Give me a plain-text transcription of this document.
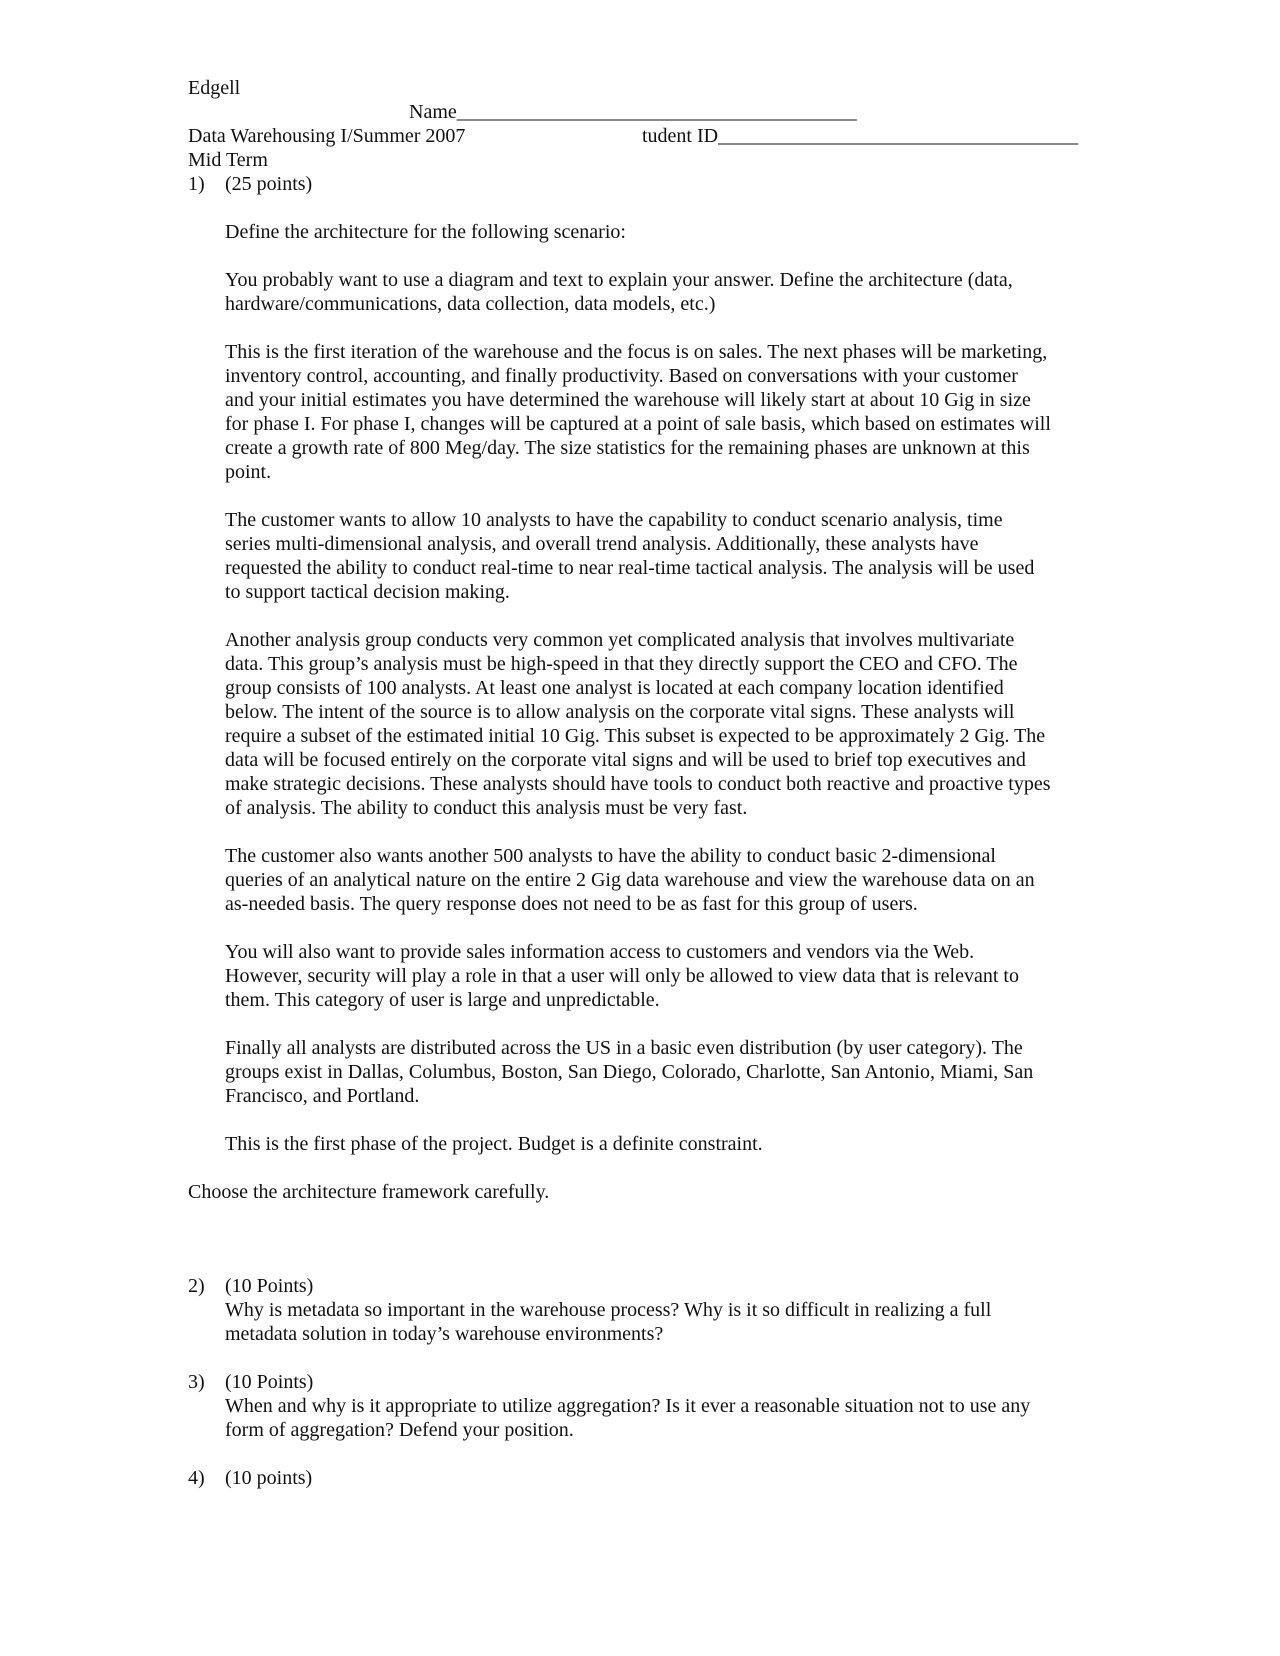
Edgell
Name________________________________________
Data Warehousing I/Summer 2007	tudent ID____________________________________
Mid Term
1)	(25 points)
Define the architecture for the following scenario:
You probably want to use a diagram and text to explain your answer. Define the architecture (data,
hardware/communications, data collection, data models, etc.)
This is the first iteration of the warehouse and the focus is on sales. The next phases will be marketing,
inventory control, accounting, and finally productivity. Based on conversations with your customer
and your initial estimates you have determined the warehouse will likely start at about 10 Gig in size
for phase I. For phase I, changes will be captured at a point of sale basis, which based on estimates will
create a growth rate of 800 Meg/day. The size statistics for the remaining phases are unknown at this
point.
The customer wants to allow 10 analysts to have the capability to conduct scenario analysis, time
series multi-dimensional analysis, and overall trend analysis. Additionally, these analysts have
requested the ability to conduct real-time to near real-time tactical analysis. The analysis will be used
to support tactical decision making.
Another analysis group conducts very common yet complicated analysis that involves multivariate
data. This group’s analysis must be high-speed in that they directly support the CEO and CFO. The
group consists of 100 analysts. At least one analyst is located at each company location identified
below. The intent of the source is to allow analysis on the corporate vital signs. These analysts will
require a subset of the estimated initial 10 Gig. This subset is expected to be approximately 2 Gig. The
data will be focused entirely on the corporate vital signs and will be used to brief top executives and
make strategic decisions. These analysts should have tools to conduct both reactive and proactive types
of analysis. The ability to conduct this analysis must be very fast.
The customer also wants another 500 analysts to have the ability to conduct basic 2-dimensional
queries of an analytical nature on the entire 2 Gig data warehouse and view the warehouse data on an
as-needed basis. The query response does not need to be as fast for this group of users.
You will also want to provide sales information access to customers and vendors via the Web.
However, security will play a role in that a user will only be allowed to view data that is relevant to
them. This category of user is large and unpredictable.
Finally all analysts are distributed across the US in a basic even distribution (by user category). The
groups exist in Dallas, Columbus, Boston, San Diego, Colorado, Charlotte, San Antonio, Miami, San
Francisco, and Portland.
This is the first phase of the project. Budget is a definite constraint.
Choose the architecture framework carefully.
2)	(10 Points)
Why is metadata so important in the warehouse process? Why is it so difficult in realizing a full
metadata solution in today’s warehouse environments?
3)	(10 Points)
When and why is it appropriate to utilize aggregation? Is it ever a reasonable situation not to use any
form of aggregation? Defend your position.
4)	(10 points)
